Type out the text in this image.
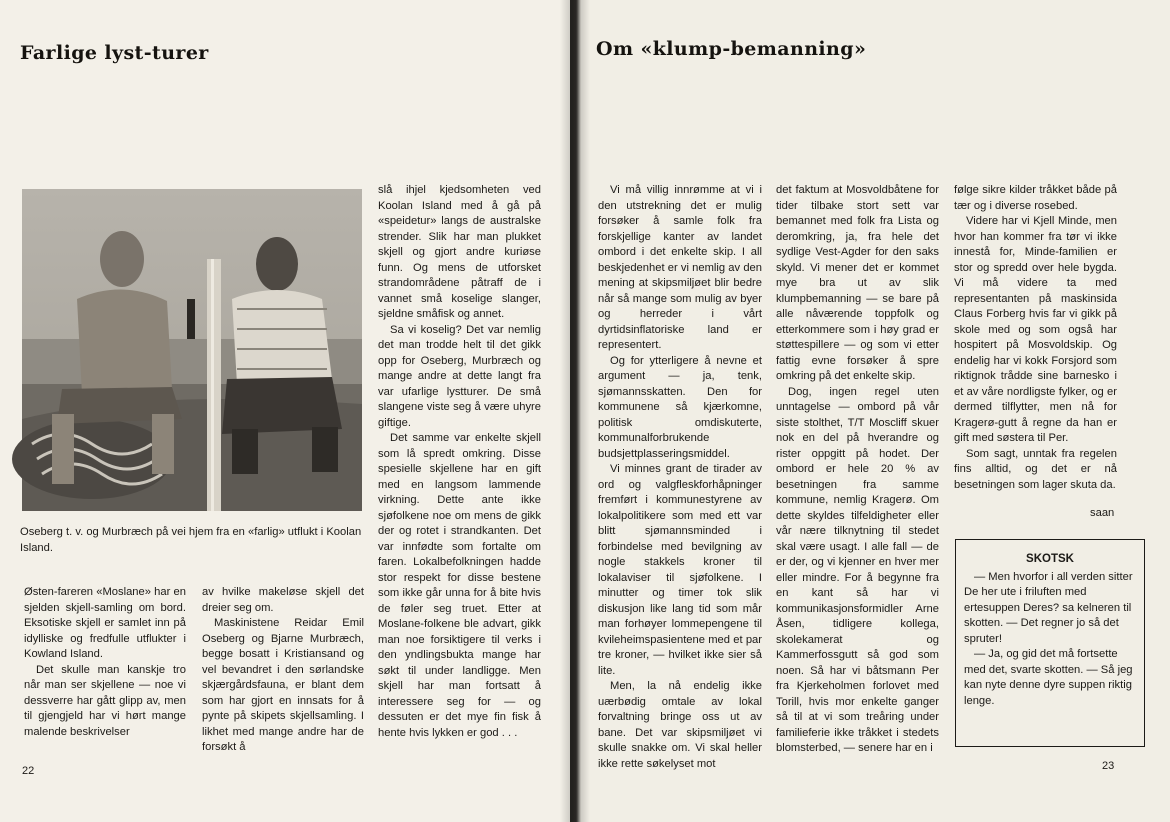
Farlige lyst-turer
Oseberg t. v. og Murbræch på vei hjem fra en «farlig» utflukt i Koolan Island.

Østen-fareren «Moslane» har en sjelden skjell-samling om bord. Eksotiske skjell er samlet inn på idylliske og fredfulle utflukter i Kowland Island.

Det skulle man kanskje tro når man ser skjellene — noe vi dessverre har gått glipp av, men til gjengjeld har vi hørt mange malende beskrivelser

av hvilke makeløse skjell det dreier seg om.

Maskinistene Reidar Emil Oseberg og Bjarne Murbræch, begge bosatt i Kristiansand og vel bevandret i den sørlandske skjærgårdsfauna, er blant dem som har gjort en innsats for å pynte på skipets skjellsamling. I likhet med mange andre har de forsøkt å

slå ihjel kjedsomheten ved Koolan Island med å gå på «speidetur» langs de australske strender. Slik har man plukket skjell og gjort andre kuriøse funn. Og mens de utforsket strandområdene påtraff de i vannet små koselige slanger, sjeldne småfisk og annet.

Sa vi koselig? Det var nemlig det man trodde helt til det gikk opp for Oseberg, Murbræch og mange andre at dette langt fra var ufarlige lystturer. De små slangene viste seg å være uhyre giftige.

Det samme var enkelte skjell som lå spredt omkring. Disse spesielle skjellene har en gift med en langsom lammende virkning. Dette ante ikke sjøfolkene noe om mens de gikk der og rotet i strandkanten. Det var innfødte som fortalte om faren. Lokalbefolkningen hadde stor respekt for disse bestene som ikke går unna for å bite hvis de føler seg truet. Etter at Moslane-folkene ble advart, gikk man noe forsiktigere til verks i den yndlingsbukta mange har søkt til under landligge. Men skjell har man fortsatt å interessere seg for — og dessuten er det mye fin fisk å hente hvis lykken er god . . .

22
Om «klump-bemanning»

Vi må villig innrømme at vi i den utstrekning det er mulig forsøker å samle folk fra forskjellige kanter av landet ombord i det enkelte skip. I all beskjedenhet er vi nemlig av den mening at skipsmiljøet blir bedre når så mange som mulig av byer og herreder i vårt dyrtidsinflatoriske land er representert.

Og for ytterligere å nevne et argument — ja, tenk, sjømannsskatten. Den for kommunene så kjærkomne, politisk omdiskuterte, kommunalforbrukende budsjettplasseringsmiddel.

Vi minnes grant de tirader av ord og valgfleskforhåpninger fremført i kommunestyrene av lokalpolitikere som med ett var blitt sjømannsminded i forbindelse med bevilgning av nogle stakkels kroner til lokalaviser til sjøfolkene. I minutter og timer tok slik diskusjon like lang tid som mår man forhøyer lommepengene til kvileheimspasientene med et par tre kroner, — hvilket ikke sier så lite.

Men, la nå endelig ikke uærbødig omtale av lokal forvaltning bringe oss ut av bane. Det var skipsmiljøet vi skulle snakke om. Vi skal heller ikke rette søkelyset mot

det faktum at Mosvoldbåtene for tider tilbake stort sett var bemannet med folk fra Lista og deromkring, ja, fra hele det sydlige Vest-Agder for den saks skyld. Vi mener det er kommet mye bra ut av slik klumpbemanning — se bare på alle nåværende toppfolk og etterkommere som i høy grad er støttespillere — og som vi etter fattig evne forsøker å spre omkring på det enkelte skip.

Dog, ingen regel uten unntagelse — ombord på vår siste stolthet, T/T Moscliff skuer nok en del på hverandre og rister oppgitt på hodet. Der ombord er hele 20 % av besetningen fra samme kommune, nemlig Kragerø. Om dette skyldes tilfeldigheter eller vår nære tilknytning til stedet skal være usagt. I alle fall — de er der, og vi kjenner en hver mer eller mindre. For å begynne fra en kant så har vi kommunikasjonsformidler Arne Åsen, tidligere kollega, skolekamerat og Kammerfossgutt så god som noen. Så har vi båtsmann Per fra Kjerkeholmen forlovet med Torill, hvis mor enkelte ganger så til at vi som treåring under familieferie ikke tråkket i stedets blomsterbed, — senere har en i

følge sikre kilder tråkket både på tær og i diverse rosebed.

Videre har vi Kjell Minde, men hvor han kommer fra tør vi ikke innestå for, Minde-familien er stor og spredd over hele bygda. Vi må videre ta med representanten på maskinsida Claus Forberg hvis far vi gikk på skole med og som også har hospitert på Mosvoldskip. Og endelig har vi kokk Forsjord som riktignok trådde sine barnesko i et av våre nordligste fylker, og er dermed tilflytter, men nå for Kragerø-gutt å regne da han er gift med søstera til Per.

Som sagt, unntak fra regelen fins alltid, og det er nå besetningen som lager skuta da.

saan
23
SKOTSK

— Men hvorfor i all verden sitter De her ute i friluften med ertesuppen Deres? sa kelneren til skotten. — Det regner jo så det spruter!

— Ja, og gid det må fortsette med det, svarte skotten. — Så jeg kan nyte denne dyre suppen riktig lenge.
